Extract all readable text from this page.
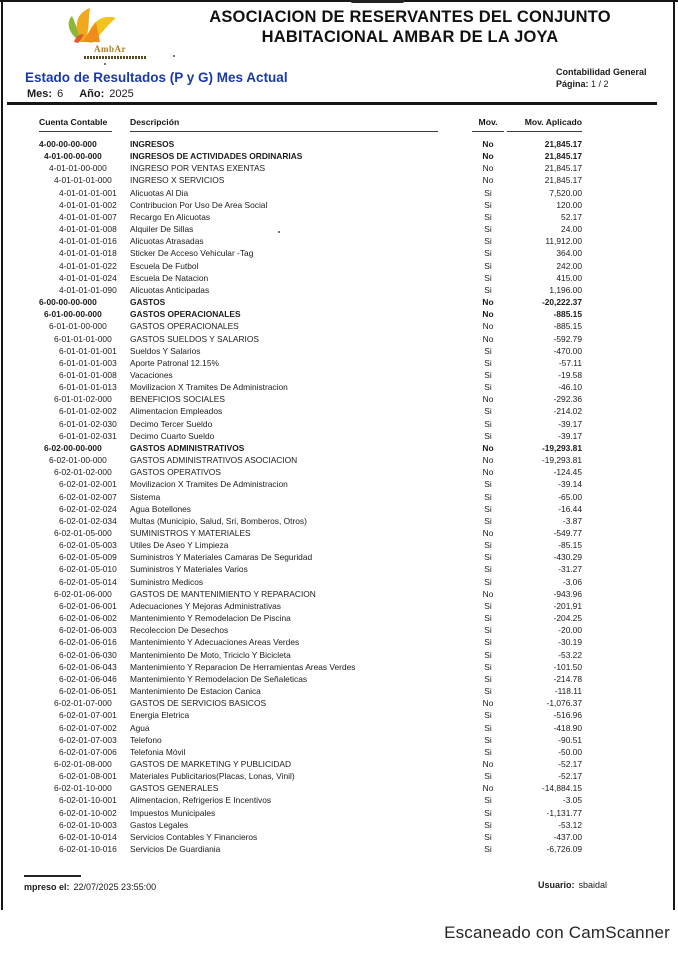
AmbAr
ASOCIACION DE RESERVANTES DEL CONJUNTO
HABITACIONAL AMBAR DE LA JOYA
Estado de Resultados (P y G) Mes Actual
Mes: 6 Año: 2025
Contabilidad General
Página: 1 / 2
Cuenta Contable	Descripción	Mov.	Mov. Aplicado
4-00-00-00-000	INGRESOS	No	21,845.17
4-01-00-00-000	INGRESOS DE ACTIVIDADES ORDINARIAS	No	21,845.17
4-01-01-00-000	INGRESO POR VENTAS EXENTAS	No	21,845.17
4-01-01-01-000	INGRESO X SERVICIOS	No	21,845.17
4-01-01-01-001	Alicuotas Al Dia	Si	7,520.00
4-01-01-01-002	Contribucion Por Uso De Area Social	Si	120.00
4-01-01-01-007	Recargo En Alicuotas	Si	52.17
4-01-01-01-008	Alquiler De Sillas	Si	24.00
4-01-01-01-016	Alicuotas Atrasadas	Si	11,912.00
4-01-01-01-018	Sticker De Acceso Vehicular -Tag	Si	364.00
4-01-01-01-022	Escuela De Futbol	Si	242.00
4-01-01-01-024	Escuela De Natacion	Si	415.00
4-01-01-01-090	Alicuotas Anticipadas	Si	1,196.00
6-00-00-00-000	GASTOS	No	-20,222.37
6-01-00-00-000	GASTOS OPERACIONALES	No	-885.15
6-01-01-00-000	GASTOS OPERACIONALES	No	-885.15
6-01-01-01-000	GASTOS SUELDOS Y SALARIOS	No	-592.79
6-01-01-01-001	Sueldos Y Salarios	Si	-470.00
6-01-01-01-003	Aporte Patronal 12.15%	Si	-57.11
6-01-01-01-008	Vacaciones	Si	-19.58
6-01-01-01-013	Movilizacion X Tramites De Administracion	Si	-46.10
6-01-01-02-000	BENEFICIOS SOCIALES	No	-292.36
6-01-01-02-002	Alimentacion Empleados	Si	-214.02
6-01-01-02-030	Decimo Tercer Sueldo	Si	-39.17
6-01-01-02-031	Decimo Cuarto Sueldo	Si	-39.17
6-02-00-00-000	GASTOS ADMINISTRATIVOS	No	-19,293.81
6-02-01-00-000	GASTOS ADMINISTRATIVOS ASOCIACION	No	-19,293.81
6-02-01-02-000	GASTOS OPERATIVOS	No	-124.45
6-02-01-02-001	Movilizacion X Tramites De Administracion	Si	-39.14
6-02-01-02-007	Sistema	Si	-65.00
6-02-01-02-024	Agua Botellones	Si	-16.44
6-02-01-02-034	Multas (Municipio, Salud, Sri, Bomberos, Otros)	Si	-3.87
6-02-01-05-000	SUMINISTROS Y MATERIALES	No	-549.77
6-02-01-05-003	Utiles De Aseo Y Limpieza	Si	-85.15
6-02-01-05-009	Suministros Y Materiales Camaras De Seguridad	Si	-430.29
6-02-01-05-010	Suministros Y Materiales Varios	Si	-31.27
6-02-01-05-014	Suministro Medicos	Si	-3.06
6-02-01-06-000	GASTOS DE MANTENIMIENTO Y REPARACION	No	-943.96
6-02-01-06-001	Adecuaciones Y Mejoras Administrativas	Si	-201.91
6-02-01-06-002	Mantenimiento Y Remodelacion De Piscina	Si	-204.25
6-02-01-06-003	Recoleccion De Desechos	Si	-20.00
6-02-01-06-016	Mantenimiento Y Adecuaciones Areas Verdes	Si	-30.19
6-02-01-06-030	Mantenimiento De Moto, Triciclo Y Bicicleta	Si	-53.22
6-02-01-06-043	Mantenimiento Y Reparacion De Herramientas Areas Verdes	Si	-101.50
6-02-01-06-046	Mantenimiento Y Remodelacion De Señaleticas	Si	-214.78
6-02-01-06-051	Mantenimiento De Estacion Canica	Si	-118.11
6-02-01-07-000	GASTOS DE SERVICIOS BASICOS	No	-1,076.37
6-02-01-07-001	Energia Eletrica	Si	-516.96
6-02-01-07-002	Agua	Si	-418.90
6-02-01-07-003	Telefono	Si	-90.51
6-02-01-07-006	Telefonia Móvil	Si	-50.00
6-02-01-08-000	GASTOS DE MARKETING Y PUBLICIDAD	No	-52.17
6-02-01-08-001	Materiales Publicitarios(Placas, Lonas, Vinil)	Si	-52.17
6-02-01-10-000	GASTOS GENERALES	No	-14,884.15
6-02-01-10-001	Alimentacion, Refrigerios E Incentivos	Si	-3.05
6-02-01-10-002	Impuestos Municipales	Si	-1,131.77
6-02-01-10-003	Gastos Legales	Si	-53.12
6-02-01-10-014	Servicios Contables Y Financieros	Si	-437.00
6-02-01-10-016	Servicios De Guardiania	Si	-6,726.09
mpreso el: 22/07/2025 23:55:00	Usuario: sbaidal
Escaneado con CamScanner
